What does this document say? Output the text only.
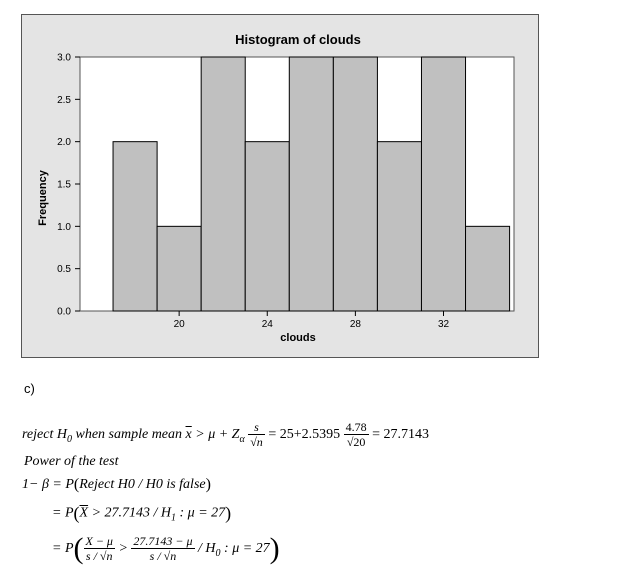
0.0
0.5
1.0
1.5
2.0
2.5
3.0
20	24	28	32
Histogram of clouds
clouds
Frequency
c)
reject $H_0$ when sample mean $\overline{x} > \mu + Z_\alpha \frac{s}{√n} = 25+2.5395 \frac{4.78}{√20} = 27.7143$
Power of the test
1− β = P(Reject H0 / H0 is false)
= $P(\overline{X} > 27.7143 / H_1$ : μ = 27)
= $P( \frac{X - \mu}{s / √n} > \frac{27.7143 - \mu}{s / √n} / H_0$ : μ = 27)
